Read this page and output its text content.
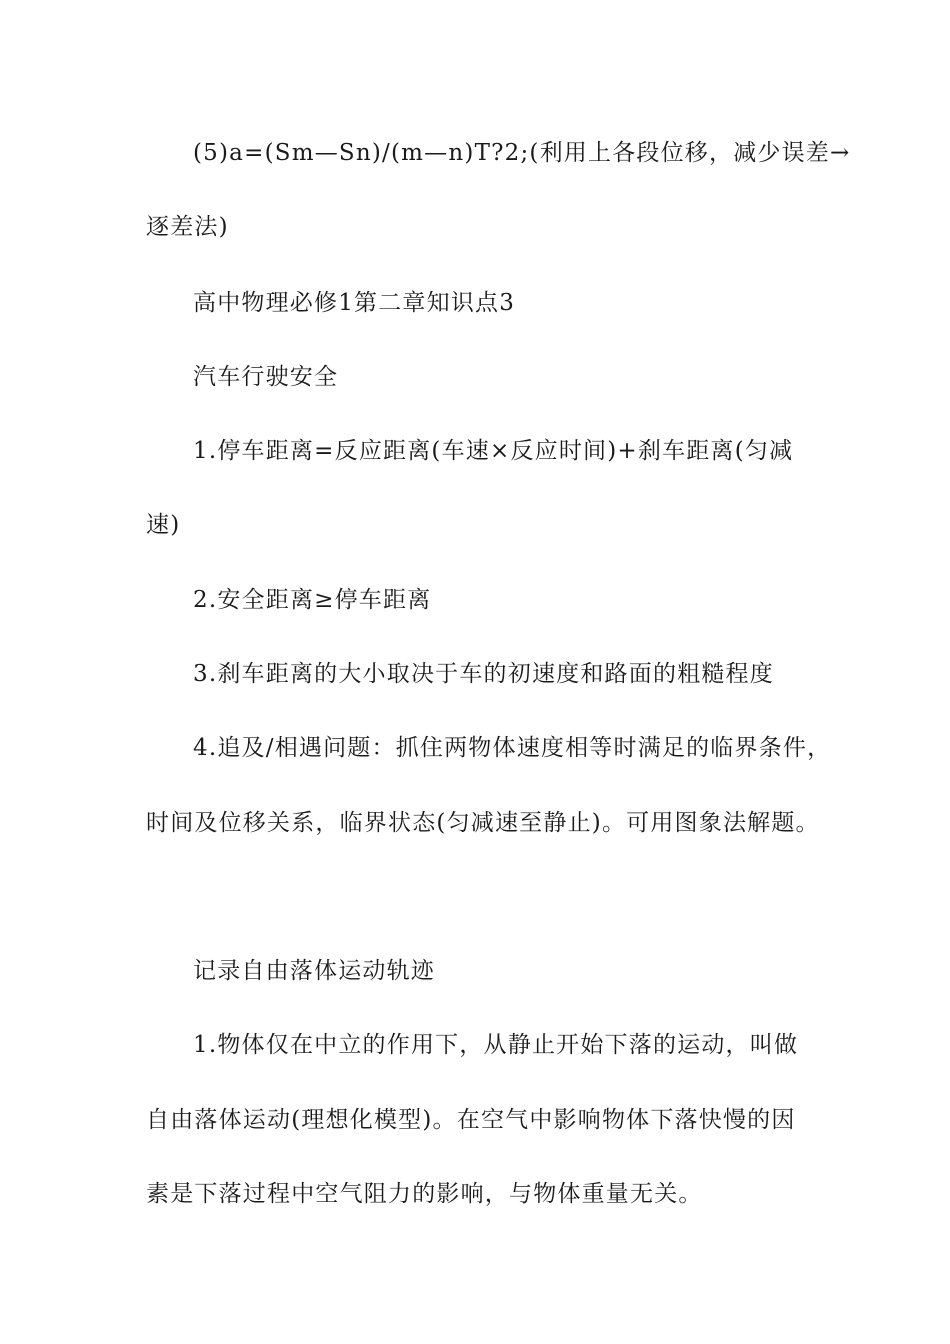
(5)a=(Sm—Sn)/(m—n)T?2;(利用上各段位移，减少误差→
逐差法)
高中物理必修1第二章知识点3
汽车行驶安全
1.停车距离=反应距离(车速×反应时间)+刹车距离(匀减
速)
2.安全距离≥停车距离
3.刹车距离的大小取决于车的初速度和路面的粗糙程度
4.追及/相遇问题：抓住两物体速度相等时满足的临界条件，
时间及位移关系，临界状态(匀减速至静止)。可用图象法解题。
记录自由落体运动轨迹
1.物体仅在中立的作用下，从静止开始下落的运动，叫做
自由落体运动(理想化模型)。在空气中影响物体下落快慢的因
素是下落过程中空气阻力的影响，与物体重量无关。
